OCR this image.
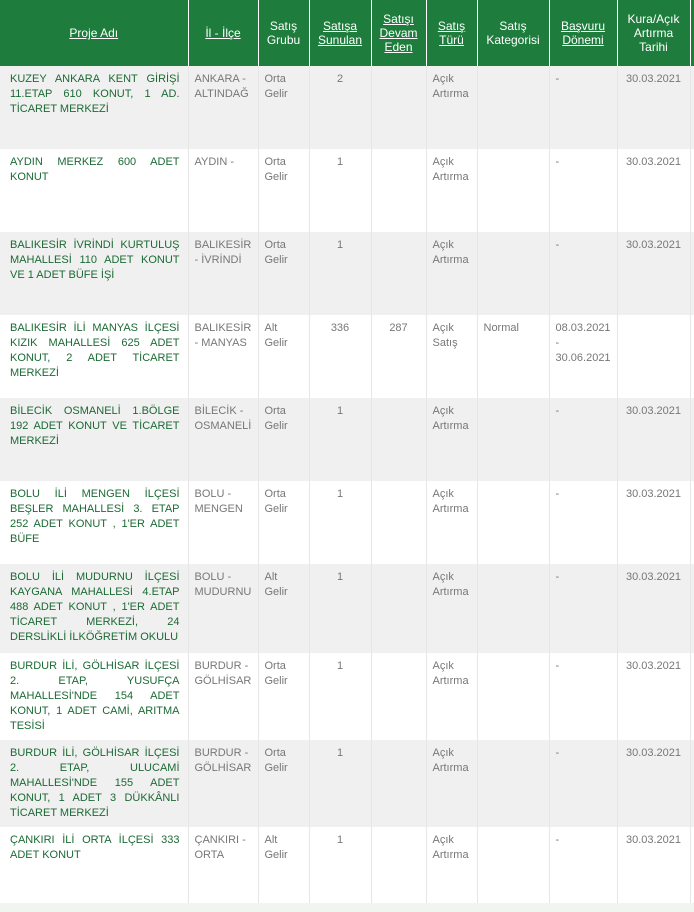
Proje Adı	İl - İlçe	Satış Grubu	Satışa Sunulan	Satışı Devam Eden	Satış Türü	Satış Kategorisi	Başvuru Dönemi	Kura/Açık Artırma Tarihi	
KUZEY ANKARA KENT GİRİŞİ 11.ETAP 610 KONUT, 1 AD. TİCARET MERKEZİ	ANKARA - ALTINDAĞ	Orta Gelir	2		Açık Artırma		-	30.03.2021	
AYDIN MERKEZ 600 ADET KONUT	AYDIN -	Orta Gelir	1		Açık Artırma		-	30.03.2021	
BALIKESİR İVRİNDİ KURTULUŞ MAHALLESİ 110 ADET KONUT VE 1 ADET BÜFE İŞİ	BALIKESİR - İVRİNDİ	Orta Gelir	1		Açık Artırma		-	30.03.2021	
BALIKESİR İLİ MANYAS İLÇESİ KIZIK MAHALLESİ 625 ADET KONUT, 2 ADET TİCARET MERKEZİ	BALIKESİR - MANYAS	Alt Gelir	336	287	Açık Satış	Normal	08.03.2021 - 30.06.2021		
BİLECİK OSMANELİ 1.BÖLGE 192 ADET KONUT VE TİCARET MERKEZİ	BİLECİK - OSMANELİ	Orta Gelir	1		Açık Artırma		-	30.03.2021	
BOLU İLİ MENGEN İLÇESİ BEŞLER MAHALLESİ 3. ETAP 252 ADET KONUT , 1'ER ADET BÜFE	BOLU - MENGEN	Orta Gelir	1		Açık Artırma		-	30.03.2021	
BOLU İLİ MUDURNU İLÇESİ KAYGANA MAHALLESİ 4.ETAP 488 ADET KONUT , 1'ER ADET TİCARET MERKEZİ, 24 DERSLİKLİ İLKÖĞRETİM OKULU	BOLU - MUDURNU	Alt Gelir	1		Açık Artırma		-	30.03.2021	
BURDUR İLİ, GÖLHİSAR İLÇESİ 2. ETAP, YUSUFÇA MAHALLESİ'NDE 154 ADET KONUT, 1 ADET CAMİ, ARITMA TESİSİ	BURDUR - GÖLHİSAR	Orta Gelir	1		Açık Artırma		-	30.03.2021	
BURDUR İLİ, GÖLHİSAR İLÇESİ 2. ETAP, ULUCAMİ MAHALLESİ'NDE 155 ADET KONUT, 1 ADET 3 DÜKKÂNLI TİCARET MERKEZİ	BURDUR - GÖLHİSAR	Orta Gelir	1		Açık Artırma		-	30.03.2021	
ÇANKIRI İLİ ORTA İLÇESİ 333 ADET KONUT	ÇANKIRI - ORTA	Alt Gelir	1		Açık Artırma		-	30.03.2021	
